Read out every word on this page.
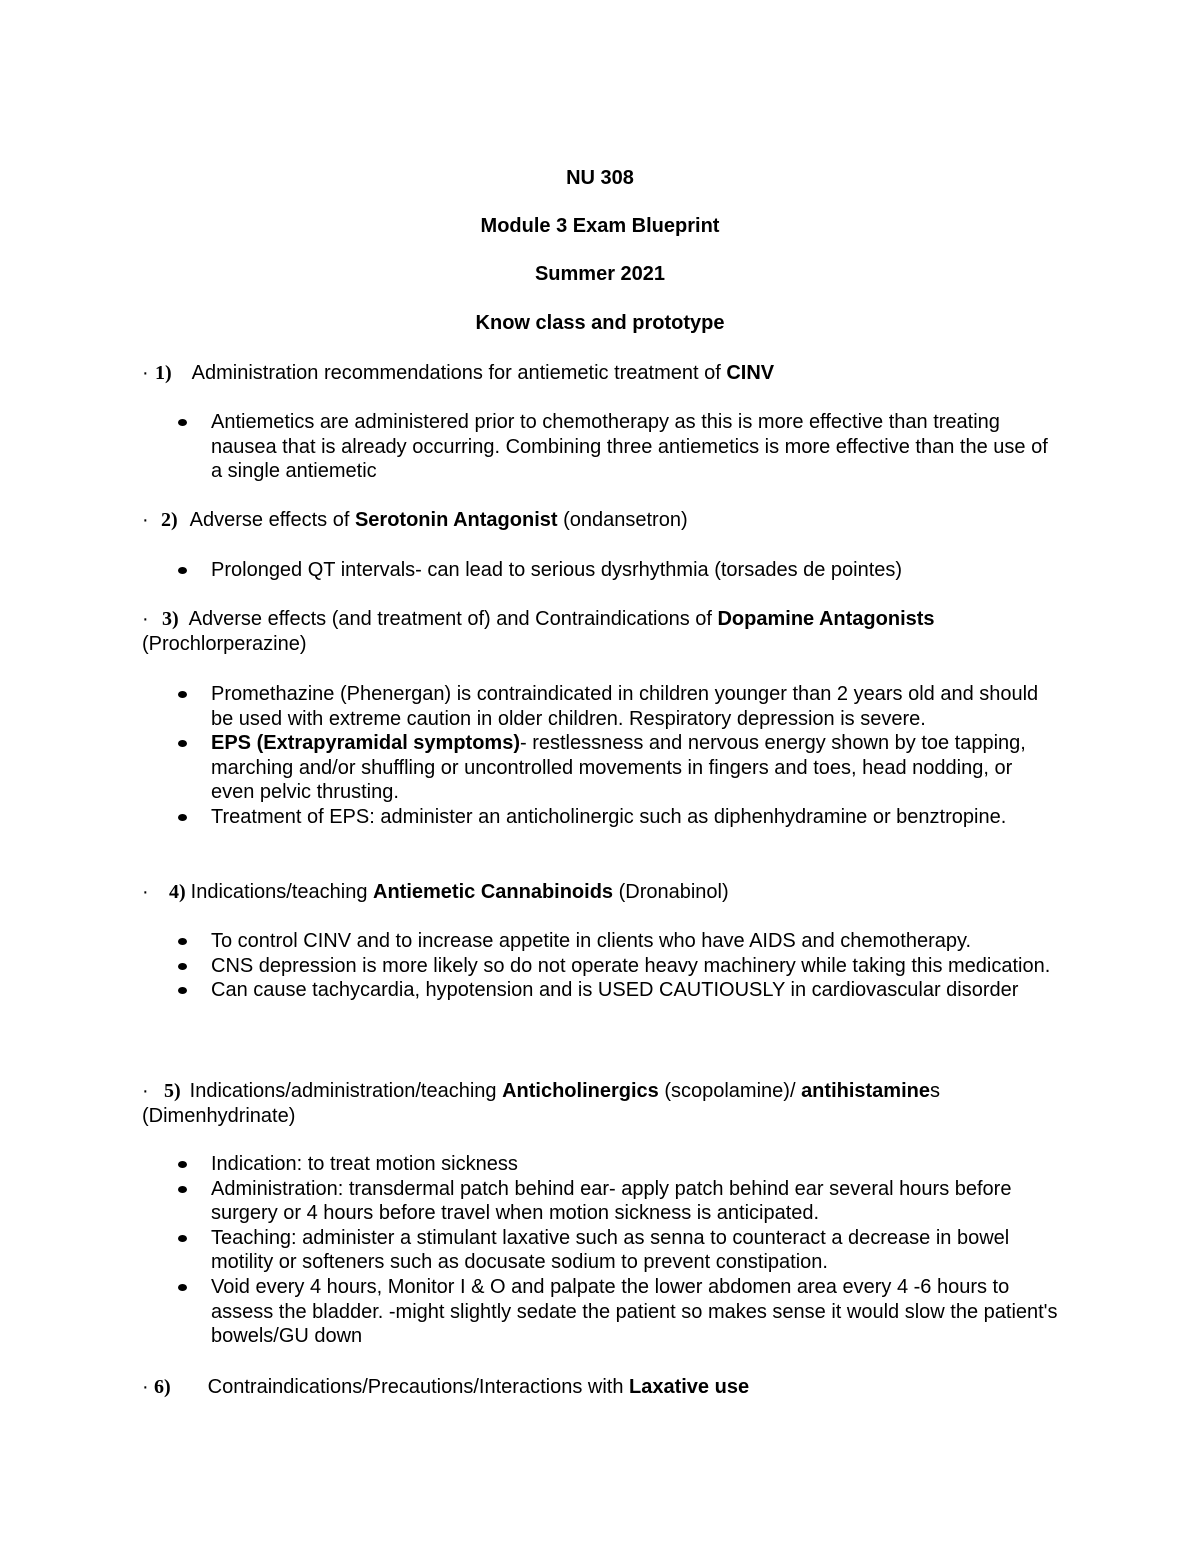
NU 308
Module 3 Exam Blueprint
Summer 2021
Know class and prototype
· 1) Administration recommendations for antiemetic treatment of CINV
Antiemetics are administered prior to chemotherapy as this is more effective than treating nausea that is already occurring. Combining three antiemetics is more effective than the use of a single antiemetic
· 2) Adverse effects of Serotonin Antagonist (ondansetron)
Prolonged QT intervals- can lead to serious dysrhythmia (torsades de pointes)
· 3) Adverse effects (and treatment of) and Contraindications of Dopamine Antagonists (Prochlorperazine)
Promethazine (Phenergan) is contraindicated in children younger than 2 years old and should be used with extreme caution in older children. Respiratory depression is severe.
EPS (Extrapyramidal symptoms)- restlessness and nervous energy shown by toe tapping, marching and/or shuffling or uncontrolled movements in fingers and toes, head nodding, or even pelvic thrusting.
Treatment of EPS: administer an anticholinergic such as diphenhydramine or benztropine.
· 4) Indications/teaching Antiemetic Cannabinoids (Dronabinol)
To control CINV and to increase appetite in clients who have AIDS and chemotherapy.
CNS depression is more likely so do not operate heavy machinery while taking this medication.
Can cause tachycardia, hypotension and is USED CAUTIOUSLY in cardiovascular disorder
· 5) Indications/administration/teaching Anticholinergics (scopolamine)/ antihistamines (Dimenhydrinate)
Indication: to treat motion sickness
Administration: transdermal patch behind ear- apply patch behind ear several hours before surgery or 4 hours before travel when motion sickness is anticipated.
Teaching: administer a stimulant laxative such as senna to counteract a decrease in bowel motility or softeners such as docusate sodium to prevent constipation.
Void every 4 hours, Monitor I & O and palpate the lower abdomen area every 4 -6 hours to assess the bladder. -might slightly sedate the patient so makes sense it would slow the patient's bowels/GU down
· 6) Contraindications/Precautions/Interactions with Laxative use
